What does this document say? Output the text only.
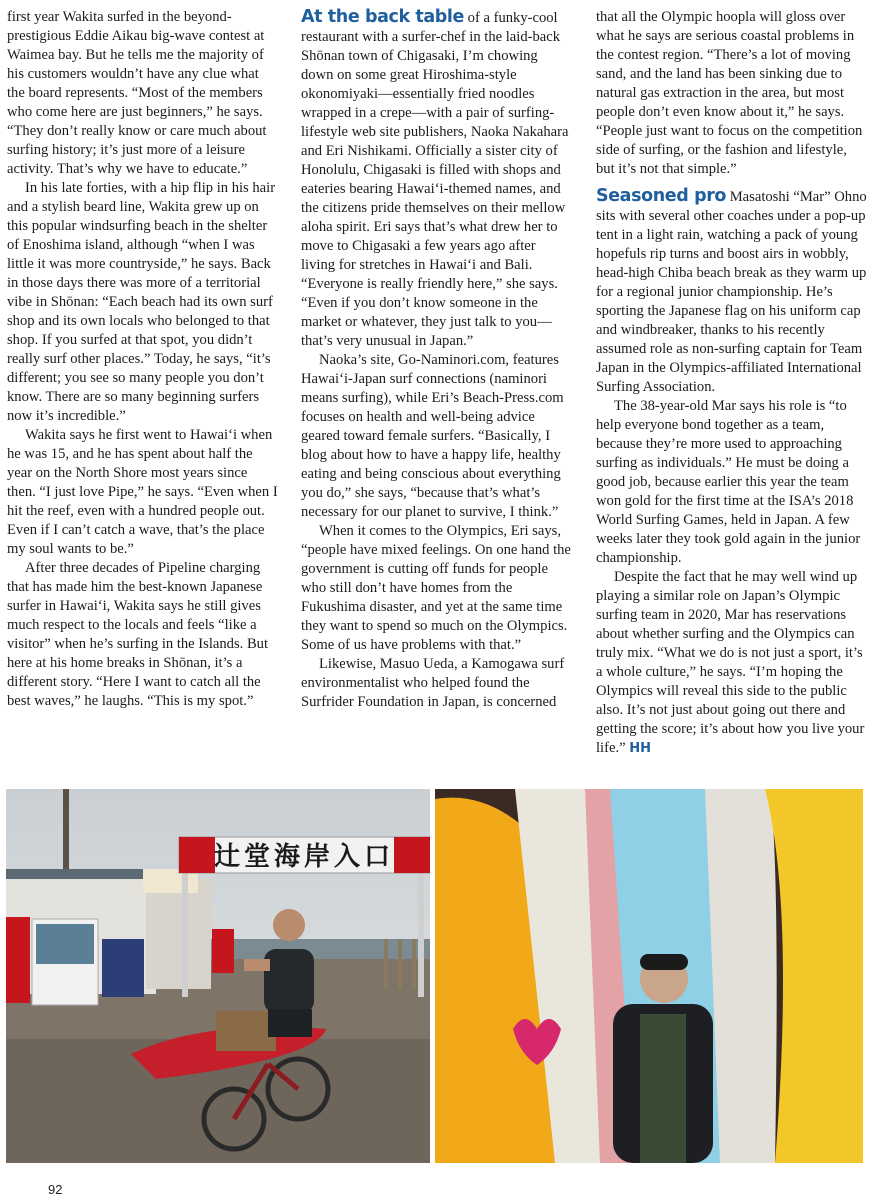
first year Wakita surfed in the beyond-prestigious Eddie Aikau big-wave contest at Waimea bay. But he tells me the majority of his customers wouldn’t have any clue what the board represents. “Most of the members who come here are just beginners,” he says. “They don’t really know or care much about surfing history; it’s just more of a leisure activity. That’s why we have to educate.”

In his late forties, with a hip flip in his hair and a stylish beard line, Wakita grew up on this popular windsurfing beach in the shelter of Enoshima island, although “when I was little it was more countryside,” he says. Back in those days there was more of a territorial vibe in Shōnan: “Each beach had its own surf shop and its own locals who belonged to that shop. If you surfed at that spot, you didn’t really surf other places.” Today, he says, “it’s different; you see so many people you don’t know. There are so many beginning surfers now it’s incredible.”

Wakita says he first went to Hawai‘i when he was 15, and he has spent about half the year on the North Shore most years since then. “I just love Pipe,” he says. “Even when I hit the reef, even with a hundred people out. Even if I can’t catch a wave, that’s the place my soul wants to be.”

After three decades of Pipeline charging that has made him the best-known Japanese surfer in Hawai‘i, Wakita says he still gives much respect to the locals and feels “like a visitor” when he’s surfing in the Islands. But here at his home breaks in Shōnan, it’s a different story. “Here I want to catch all the best waves,” he laughs. “This is my spot.”

At the back table of a funky-cool restaurant with a surfer-chef in the laid-back Shōnan town of Chigasaki, I’m chowing down on some great Hiroshima-style okonomiyaki—essentially fried noodles wrapped in a crepe—with a pair of surfing-lifestyle web site publishers, Naoka Nakahara and Eri Nishikami. Officially a sister city of Honolulu, Chigasaki is filled with shops and eateries bearing Hawai‘i-themed names, and the citizens pride themselves on their mellow aloha spirit. Eri says that’s what drew her to move to Chigasaki a few years ago after living for stretches in Hawai‘i and Bali. “Everyone is really friendly here,” she says. “Even if you don’t know someone in the market or whatever, they just talk to you—that’s very unusual in Japan.”

Naoka’s site, Go-Naminori.com, features Hawai‘i-Japan surf connections (naminori means surfing), while Eri’s Beach-Press.com focuses on health and well-being advice geared toward female surfers. “Basically, I blog about how to have a happy life, healthy eating and being conscious about everything you do,” she says, “because that’s what’s necessary for our planet to survive, I think.”

When it comes to the Olympics, Eri says, “people have mixed feelings. On one hand the government is cutting off funds for people who still don’t have homes from the Fukushima disaster, and yet at the same time they want to spend so much on the Olympics. Some of us have problems with that.”

Likewise, Masuo Ueda, a Kamogawa surf environmentalist who helped found the Surfrider Foundation in Japan, is concerned

that all the Olympic hoopla will gloss over what he says are serious coastal problems in the contest region. “There’s a lot of moving sand, and the land has been sinking due to natural gas extraction in the area, but most people don’t even know about it,” he says. “People just want to focus on the competition side of surfing, or the fashion and lifestyle, but it’s not that simple.”

Seasoned pro Masatoshi “Mar” Ohno sits with several other coaches under a pop-up tent in a light rain, watching a pack of young hopefuls rip turns and boost airs in wobbly, head-high Chiba beach break as they warm up for a regional junior championship. He’s sporting the Japanese flag on his uniform cap and windbreaker, thanks to his recently assumed role as non-surfing captain for Team Japan in the Olympics-affiliated International Surfing Association.

The 38-year-old Mar says his role is “to help everyone bond together as a team, because they’re more used to approaching surfing as individuals.” He must be doing a good job, because earlier this year the team won gold for the first time at the ISA’s 2018 World Surfing Games, held in Japan. A few weeks later they took gold again in the junior championship.

Despite the fact that he may well wind up playing a similar role on Japan’s Olympic surfing team in 2020, Mar has reservations about whether surfing and the Olympics can truly mix. “What we do is not just a sport, it’s a whole culture,” he says. “I’m hoping the Olympics will reveal this side to the public also. It’s not just about going out there and getting the score; it’s about how you live your life.” HH

辻堂海岸入口
92
